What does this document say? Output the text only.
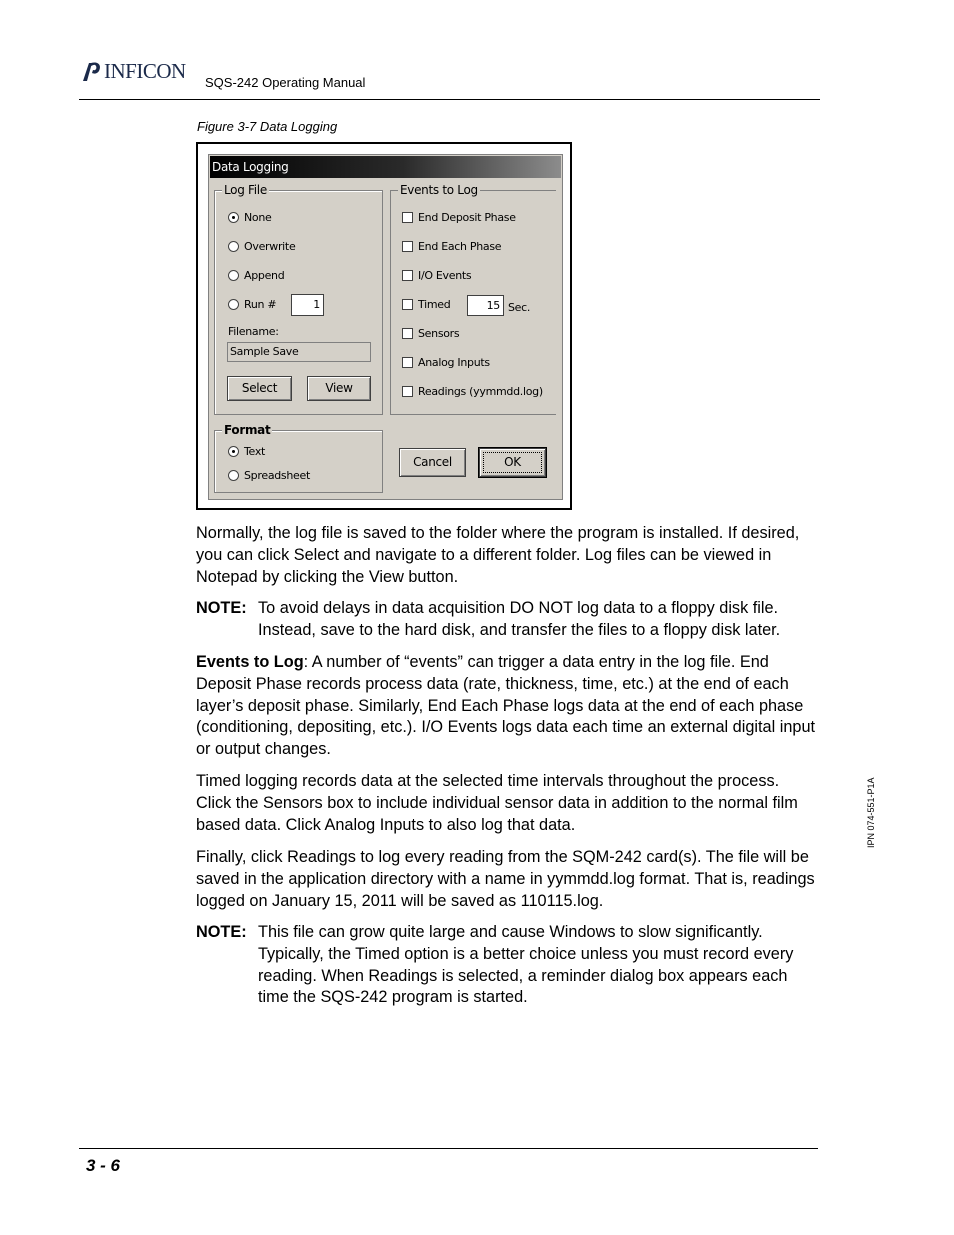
INFICON SQS-242 Operating Manual
Figure 3-7 Data Logging
Data Logging
Log File
None
Overwrite
Append
Run #	1
Filename:
Sample Save
Select	View
Events to Log
End Deposit Phase
End Each Phase
I/O Events
Timed	15 Sec.
Sensors
Analog Inputs
Readings (yymmdd.log)
Format
Text
Spreadsheet
Cancel	OK
Normally, the log file is saved to the folder where the program is installed. If desired, you can click Select and navigate to a different folder. Log files can be viewed in Notepad by clicking the View button.
NOTE: To avoid delays in data acquisition DO NOT log data to a floppy disk file. Instead, save to the hard disk, and transfer the files to a floppy disk later.
Events to Log: A number of “events” can trigger a data entry in the log file. End Deposit Phase records process data (rate, thickness, time, etc.) at the end of each layer’s deposit phase. Similarly, End Each Phase logs data at the end of each phase (conditioning, depositing, etc.). I/O Events logs data each time an external digital input or output changes.
Timed logging records data at the selected time intervals throughout the process. Click the Sensors box to include individual sensor data in addition to the normal film based data. Click Analog Inputs to also log that data.
Finally, click Readings to log every reading from the SQM-242 card(s). The file will be saved in the application directory with a name in yymmdd.log format. That is, readings logged on January 15, 2011 will be saved as 110115.log.
NOTE: This file can grow quite large and cause Windows to slow significantly. Typically, the Timed option is a better choice unless you must record every reading. When Readings is selected, a reminder dialog box appears each time the SQS-242 program is started.
IPN 074-551-P1A
3 - 6
